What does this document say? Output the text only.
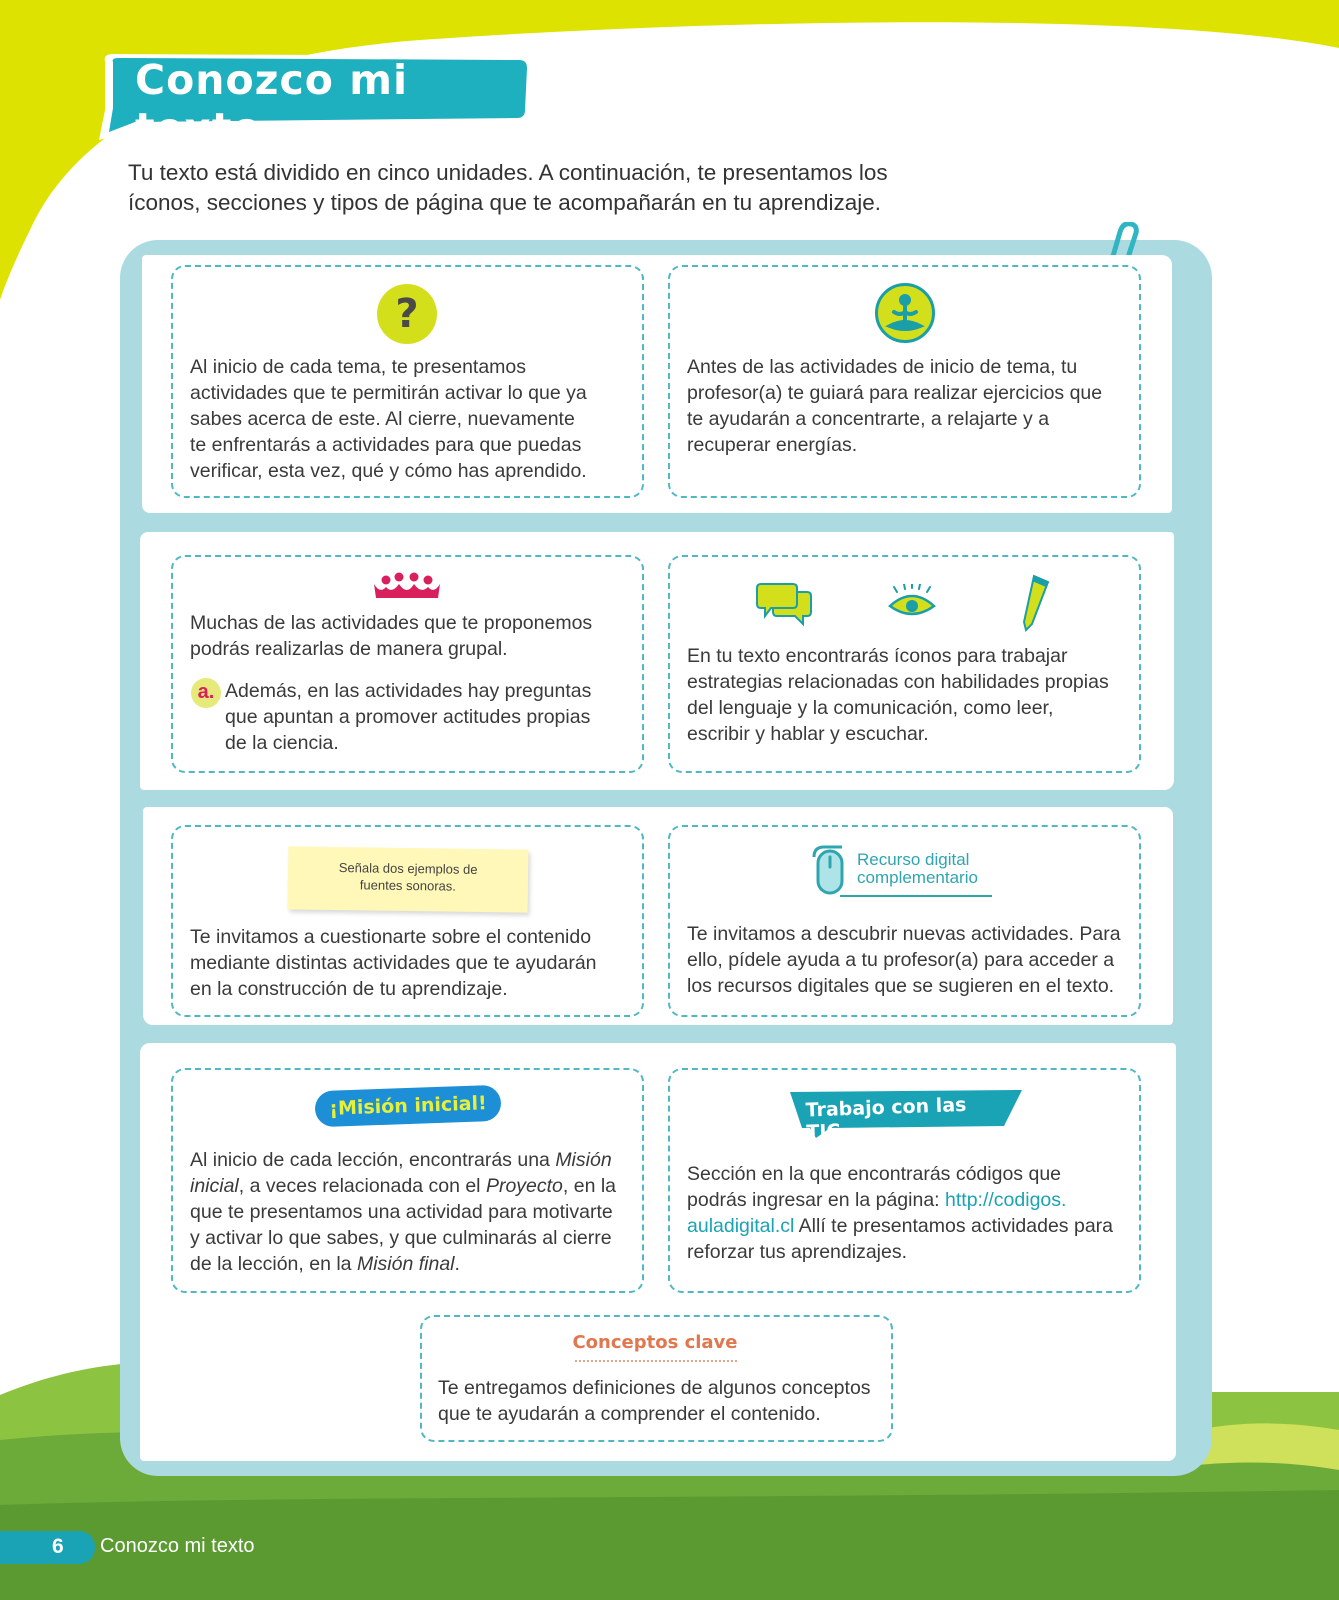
Conozco mi texto
Tu texto está dividido en cinco unidades. A continuación, te presentamos los
íconos, secciones y tipos de página que te acompañarán en tu aprendizaje.
?
Al inicio de cada tema, te presentamos
actividades que te permitirán activar lo que ya
sabes acerca de este. Al cierre, nuevamente
te enfrentarás a actividades para que puedas
verificar, esta vez, qué y cómo has aprendido.
Antes de las actividades de inicio de tema, tu
profesor(a) te guiará para realizar ejercicios que
te ayudarán a concentrarte, a relajarte y a
recuperar energías.
Muchas de las actividades que te proponemos
podrás realizarlas de manera grupal.
a. Además, en las actividades hay preguntas
que apuntan a promover actitudes propias
de la ciencia.
En tu texto encontrarás íconos para trabajar
estrategias relacionadas con habilidades propias
del lenguaje y la comunicación, como leer,
escribir y hablar y escuchar.
Señala dos ejemplos de
fuentes sonoras.
Te invitamos a cuestionarte sobre el contenido
mediante distintas actividades que te ayudarán
en la construcción de tu aprendizaje.
Recurso digital
complementario
Te invitamos a descubrir nuevas actividades. Para
ello, pídele ayuda a tu profesor(a) para acceder a
los recursos digitales que se sugieren en el texto.
¡Misión inicial!
Al inicio de cada lección, encontrarás una Misión
inicial, a veces relacionada con el Proyecto, en la
que te presentamos una actividad para motivarte
y activar lo que sabes, y que culminarás al cierre
de la lección, en la Misión final.
Trabajo con las TIC
Sección en la que encontrarás códigos que
podrás ingresar en la página: http://codigos.
auladigital.cl Allí te presentamos actividades para
reforzar tus aprendizajes.
Conceptos clave
Te entregamos definiciones de algunos conceptos
que te ayudarán a comprender el contenido.
6 Conozco mi texto
